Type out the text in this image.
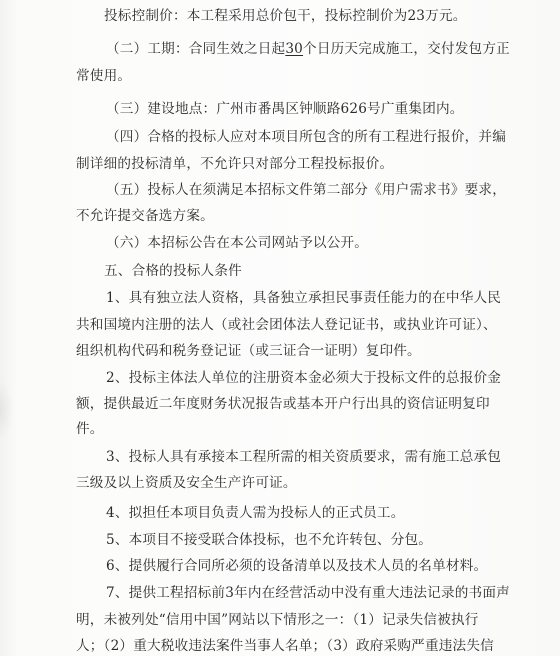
投标控制价：本工程采用总价包干，投标控制价为23万元。
（二）工期：合同生效之日起30个日历天完成施工，交付发包方正
常使用。
（三）建设地点：广州市番禺区钟顺路626号广重集团内。
（四）合格的投标人应对本项目所包含的所有工程进行报价，并编
制详细的投标清单，不允许只对部分工程投标报价。
（五）投标人在须满足本招标文件第二部分《用户需求书》要求，
不允许提交备选方案。
（六）本招标公告在本公司网站予以公开。
五、合格的投标人条件
1、具有独立法人资格，具备独立承担民事责任能力的在中华人民
共和国境内注册的法人（或社会团体法人登记证书，或执业许可证）、
组织机构代码和税务登记证（或三证合一证明）复印件。
2、投标主体法人单位的注册资本金必须大于投标文件的总报价金
额，提供最近二年度财务状况报告或基本开户行出具的资信证明复印
件。
3、投标人具有承接本工程所需的相关资质要求，需有施工总承包
三级及以上资质及安全生产许可证。
4、拟担任本项目负责人需为投标人的正式员工。
5、本项目不接受联合体投标，也不允许转包、分包。
6、提供履行合同所必须的设备清单以及技术人员的名单材料。
7、提供工程招标前3年内在经营活动中没有重大违法记录的书面声
明，未被列处“信用中国”网站以下情形之一：（1）记录失信被执行
人；（2）重大税收违法案件当事人名单；（3）政府采购严重违法失信
